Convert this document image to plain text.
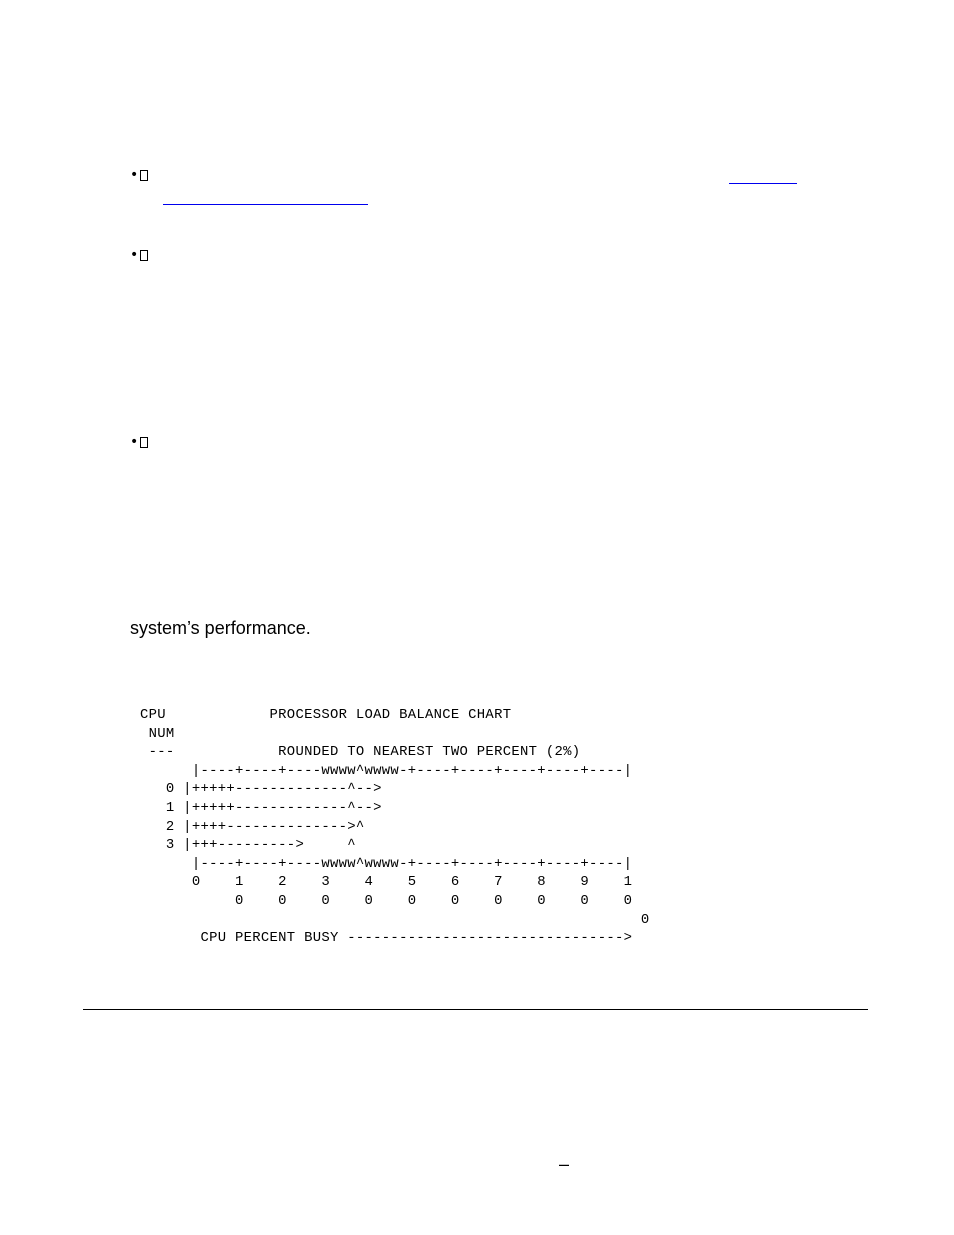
•
•
•
system’s performance.
CPU            PROCESSOR LOAD BALANCE CHART
NUM
---            ROUNDED TO NEAREST TWO PERCENT (2%)
|----+----+----wwww^wwww-+----+----+----+----+----|
0 |+++++-------------^-->
1 |+++++-------------^-->
2 |++++-------------->^
3 |+++--------->     ^
|----+----+----wwww^wwww-+----+----+----+----+----|
0    1    2    3    4    5    6    7    8    9    1
0    0    0    0    0    0    0    0    0    0
0
CPU PERCENT BUSY -------------------------------->
–
